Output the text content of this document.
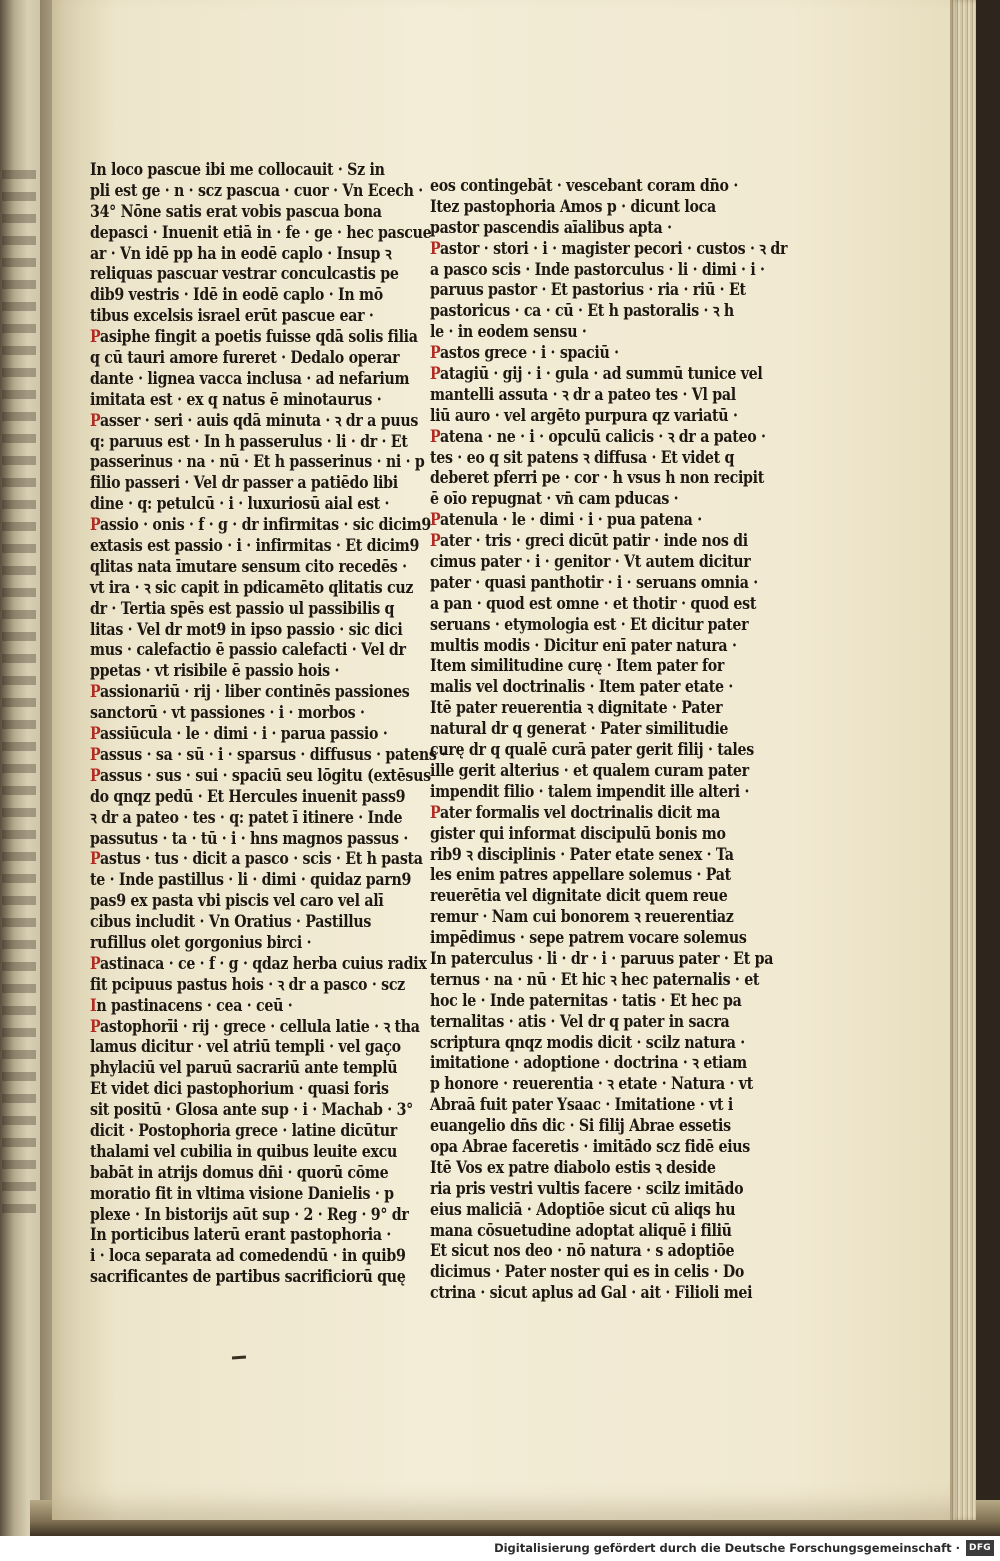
In loco pascue ibi me collocauit · Sz in
pli est ge · n · scz pascua · cuor · Vn Ecech ·
34° Nōne satis erat vobis pascua bona
depasci · Inuenit etiā in · fe · ge · hec pascue
ar · Vn idē pp ha in eodē caplo · Insup ꝛ
reliquas pascuar vestrar conculcastis pe
dib9 vestris · Idē in eodē caplo · In mō
tibus excelsis israel erūt pascue ear ·
Pasiphe fingit a poetis fuisse qdā solis filia
q cū tauri amore fureret · Dedalo operar
dante · lignea vacca inclusa · ad nefarium
imitata est · ex q natus ē minotaurus ·
Passer · seri · auis qdā minuta · ꝛ dr a puus
q: paruus est · In h passerulus · li · dr · Et
passerinus · na · nū · Et h passerinus · ni · p
filio passeri · Vel dr passer a patiēdo libi
dine · q: petulcū · i · luxuriosū aial est ·
Passio · onis · f · g · dr infirmitas · sic dicim9
extasis est passio · i · infirmitas · Et dicim9
qlitas nata īmutare sensum cito recedēs ·
vt ira · ꝛ sic capit in pdicamēto qlitatis cuz
dr · Tertia spēs est passio ul passibilis q
litas · Vel dr mot9 in ipso passio · sic dici
mus · calefactio ē passio calefacti · Vel dr
ppetas · vt risibile ē passio hois ·
Passionariū · rij · liber continēs passiones
sanctorū · vt passiones · i · morbos ·
Passiūcula · le · dimi · i · parua passio ·
Passus · sa · sū · i · sparsus · diffusus · patens ·
Passus · sus · sui · spaciū seu lōgitu (extēsus
do qnqz pedū · Et Hercules inuenit pass9
ꝛ dr a pateo · tes · q: patet ī itinere · Inde
passutus · ta · tū · i · hns magnos passus ·
Pastus · tus · dicit a pasco · scis · Et h pasta
te · Inde pastillus · li · dimi · quidaz parn9
pas9 ex pasta vbi piscis vel caro vel alī
cibus includit · Vn Oratius · Pastillus
rufillus olet gorgonius birci ·
Pastinaca · ce · f · g · qdaz herba cuius radix
fit pcipuus pastus hois · ꝛ dr a pasco · scz
In pastinacens · cea · ceū ·
Pastophorīi · rij · grece · cellula latie · ꝛ tha
lamus dicitur · vel atriū templi · vel gaço
phylaciū vel paruū sacrariū ante templū
Et videt dici pastophorium · quasi foris
sit positū · Glosa ante sup · i · Machab · 3°
dicit · Postophoria grece · latine dicūtur
thalami vel cubilia in quibus leuite excu
babāt in atrijs domus dn̄i · quorū cōme
moratio fit in vltima visione Danielis · p
plexe · In bistorijs aūt sup · 2 · Reg · 9° dr
In porticibus laterū erant pastophoria ·
i · loca separata ad comedendū · in quib9
sacrificantes de partibus sacrificiorū quę
eos contingebāt · vescebant coram dn̄o ·
Itez pastophoria Amos p · dicunt loca
pastor pascendis aīalibus apta ·
Pastor · stori · i · magister pecori · custos · ꝛ dr
a pasco scis · Inde pastorculus · li · dimi · i ·
paruus pastor · Et pastorius · ria · riū · Et
pastoricus · ca · cū · Et h pastoralis · ꝛ h
le · in eodem sensu ·
Pastos grece · i · spaciū ·
Patagiū · gij · i · gula · ad summū tunice vel
mantelli assuta · ꝛ dr a pateo tes · Vl pal
liū auro · vel argēto purpura qz variatū ·
Patena · ne · i · opculū calicis · ꝛ dr a pateo ·
tes · eo q sit patens ꝛ diffusa · Et videt q
deberet pferri pe · cor · h vsus h non recipit
ē oīo repugnat · vn̄ cam pducas ·
Patenula · le · dimi · i · pua patena ·
Pater · tris · greci dicūt patir · inde nos di
cimus pater · i · genitor · Vt autem dicitur
pater · quasi panthotir · i · seruans omnia ·
a pan · quod est omne · et thotir · quod est
seruans · etymologia est · Et dicitur pater
multis modis · Dicitur enī pater natura ·
Item similitudine curę · Item pater for
malis vel doctrinalis · Item pater etate ·
Itē pater reuerentia ꝛ dignitate · Pater
natural dr q generat · Pater similitudie
curę dr q qualē curā pater gerit filij · tales
ille gerit alterius · et qualem curam pater
impendit filio · talem impendit ille alteri ·
Pater formalis vel doctrinalis dicit ma
gister qui informat discipulū bonis mo
rib9 ꝛ disciplinis · Pater etate senex · Ta
les enim patres appellare solemus · Pat
reuerētia vel dignitate dicit quem reue
remur · Nam cui bonorem ꝛ reuerentiaz
impēdimus · sepe patrem vocare solemus
In paterculus · li · dr · i · paruus pater · Et pa
ternus · na · nū · Et hic ꝛ hec paternalis · et
hoc le · Inde paternitas · tatis · Et hec pa
ternalitas · atis · Vel dr q pater in sacra
scriptura qnqz modis dicit · scilz natura ·
imitatione · adoptione · doctrina · ꝛ etiam
p honore · reuerentia · ꝛ etate · Natura · vt
Abraā fuit pater Ysaac · Imitatione · vt i
euangelio dn̄s dic · Si filij Abrae essetis
opa Abrae faceretis · imitādo scz fidē eius
Itē Vos ex patre diabolo estis ꝛ deside
ria pris vestri vultis facere · scilz imitādo
eius maliciā · Adoptiōe sicut cū aliqs hu
mana cōsuetudine adoptat aliquē i filiū
Et sicut nos deo · nō natura · s adoptiōe
dicimus · Pater noster qui es in celis · Do
ctrina · sicut aplus ad Gal · ait · Filioli mei
Digitalisierung gefördert durch die Deutsche Forschungsgemeinschaft ·	DFG
